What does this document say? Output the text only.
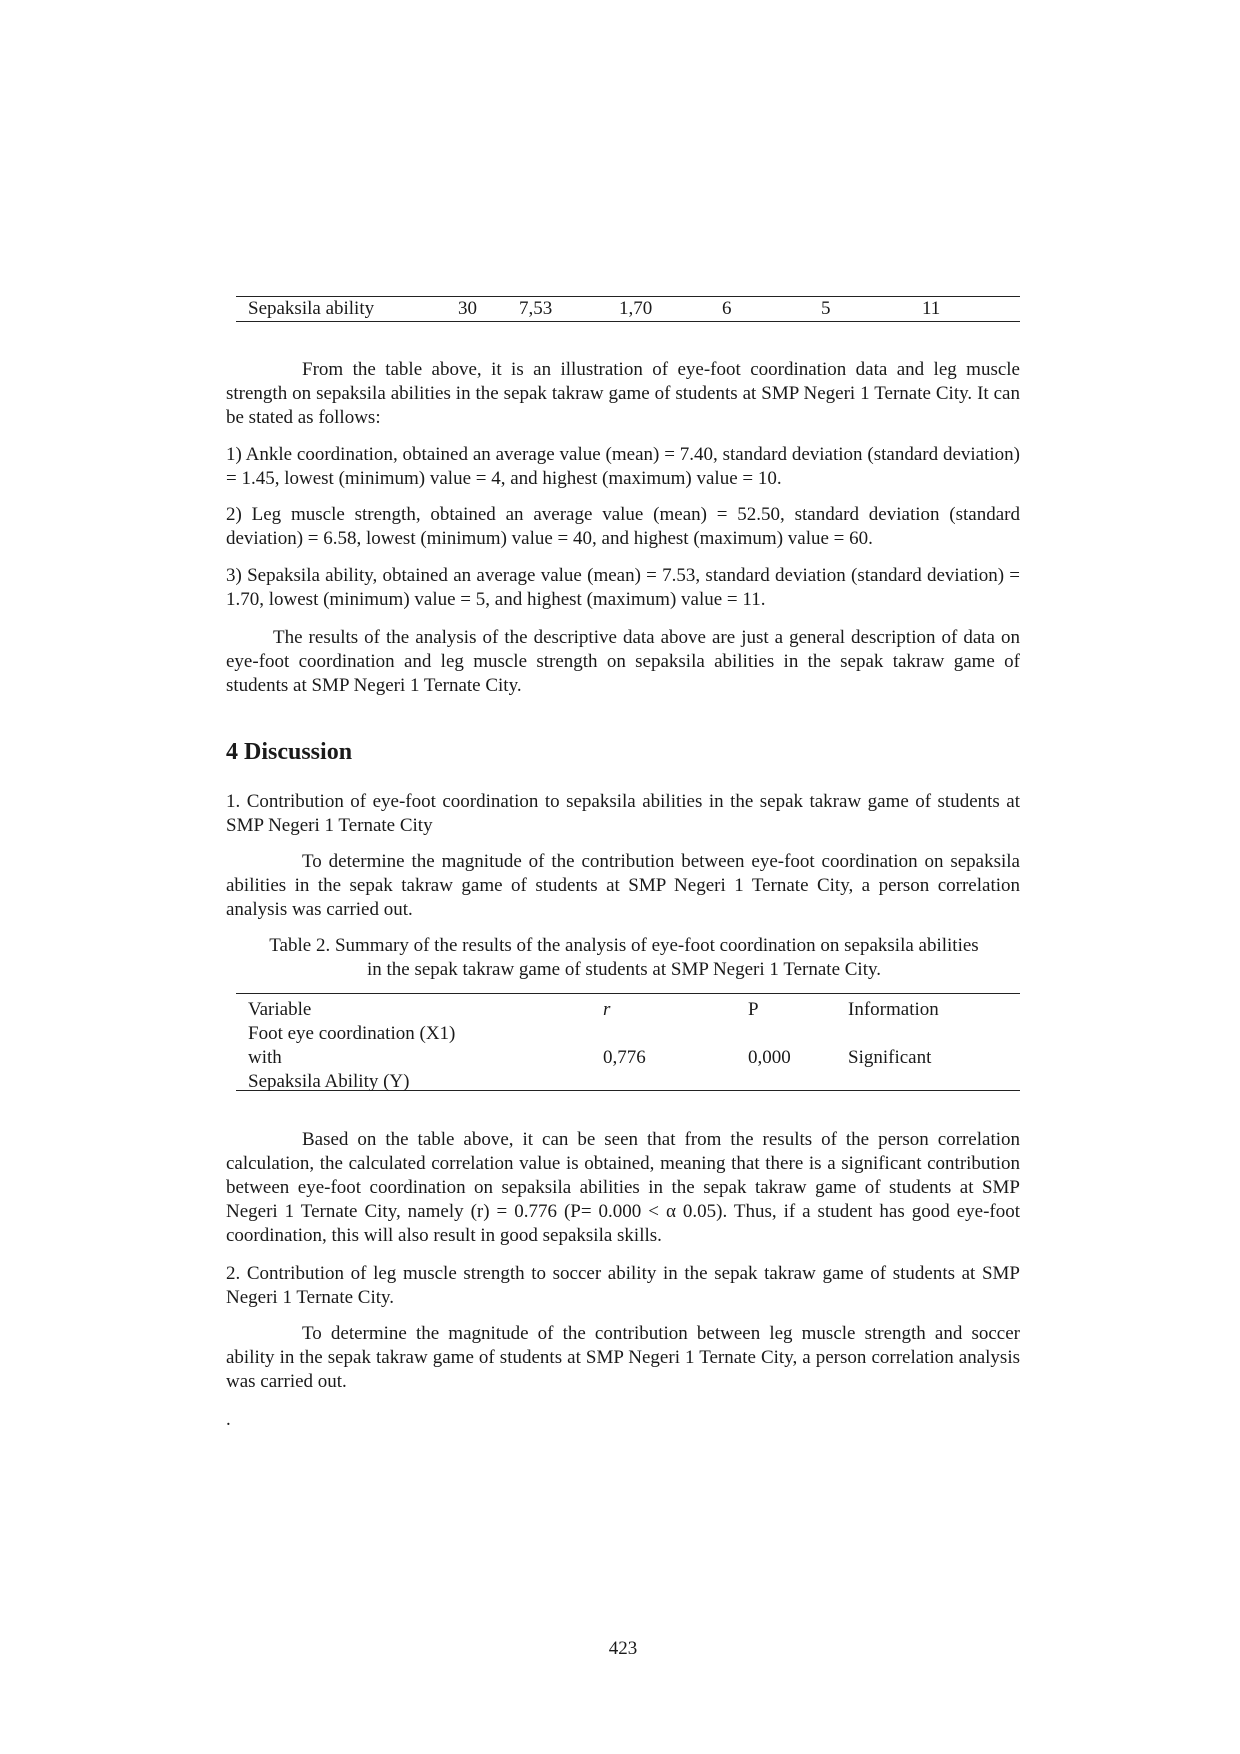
Sepaksila ability	30 7,53	1,70	6	5	11

From the table above, it is an illustration of eye-foot coordination data and leg muscle strength on sepaksila abilities in the sepak takraw game of students at SMP Negeri 1 Ternate City. It can be stated as follows:

1) Ankle coordination, obtained an average value (mean) = 7.40, standard deviation (standard deviation) = 1.45, lowest (minimum) value = 4, and highest (maximum) value = 10.

2) Leg muscle strength, obtained an average value (mean) = 52.50, standard deviation (standard deviation) = 6.58, lowest (minimum) value = 40, and highest (maximum) value = 60.

3) Sepaksila ability, obtained an average value (mean) = 7.53, standard deviation (standard deviation) = 1.70, lowest (minimum) value = 5, and highest (maximum) value = 11.

The results of the analysis of the descriptive data above are just a general description of data on eye-foot coordination and leg muscle strength on sepaksila abilities in the sepak takraw game of students at SMP Negeri 1 Ternate City.

4 Discussion

1. Contribution of eye-foot coordination to sepaksila abilities in the sepak takraw game of students at SMP Negeri 1 Ternate City

To determine the magnitude of the contribution between eye-foot coordination on sepaksila abilities in the sepak takraw game of students at SMP Negeri 1 Ternate City, a person correlation analysis was carried out.

Table 2. Summary of the results of the analysis of eye-foot coordination on sepaksila abilities

in the sepak takraw game of students at SMP Negeri 1 Ternate City.

Variable	r	P	Information
Foot eye coordination (X1)
with
Sepaksila Ability (Y)
0,776	0,000	Significant

Based on the table above, it can be seen that from the results of the person correlation calculation, the calculated correlation value is obtained, meaning that there is a significant contribution between eye-foot coordination on sepaksila abilities in the sepak takraw game of students at SMP Negeri 1 Ternate City, namely (r) = 0.776 (P= 0.000 < α 0.05). Thus, if a student has good eye-foot coordination, this will also result in good sepaksila skills.

2. Contribution of leg muscle strength to soccer ability in the sepak takraw game of students at SMP Negeri 1 Ternate City.

To determine the magnitude of the contribution between leg muscle strength and soccer ability in the sepak takraw game of students at SMP Negeri 1 Ternate City, a person correlation analysis was carried out.

.

423
